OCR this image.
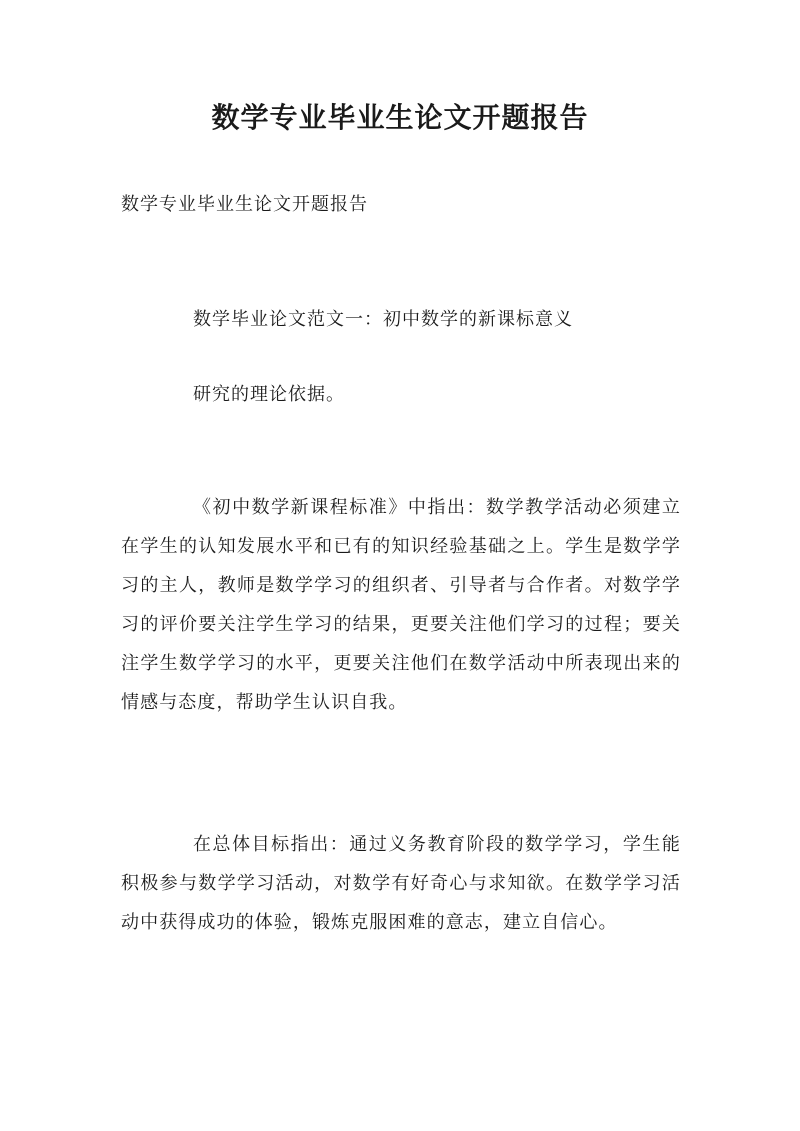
数学专业毕业生论文开题报告

数学专业毕业生论文开题报告

数学毕业论文范文一：初中数学的新课标意义

研究的理论依据。

《初中数学新课程标准》中指出：数学教学活动必须建立在学生的认知发展水平和已有的知识经验基础之上。学生是数学学习的主人，教师是数学学习的组织者、引导者与合作者。对数学学习的评价要关注学生学习的结果，更要关注他们学习的过程；要关注学生数学学习的水平，更要关注他们在数学活动中所表现出来的情感与态度，帮助学生认识自我。

在总体目标指出：通过义务教育阶段的数学学习，学生能积极参与数学学习活动，对数学有好奇心与求知欲。在数学学习活动中获得成功的体验，锻炼克服困难的意志，建立自信心。
